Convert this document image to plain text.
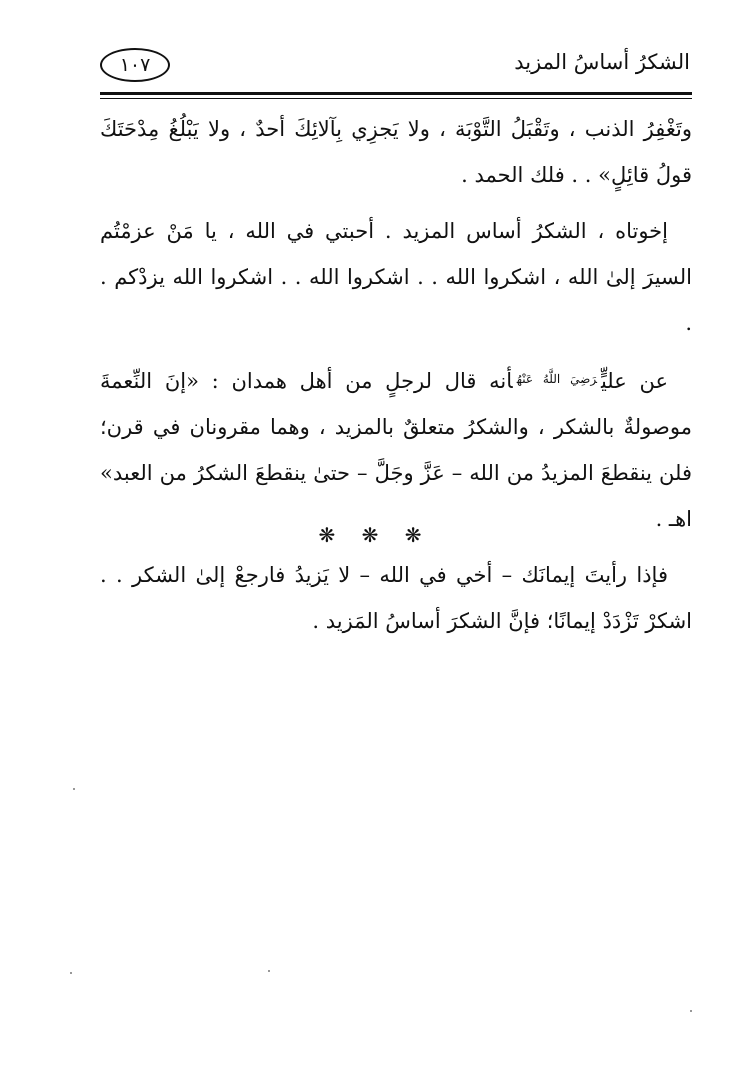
١٠٧	الشكرُ أساسُ المزيد

وتَغْفِرُ الذنب ، وتَقْبَلُ التَّوْبَة ، ولا يَجزِي بِآلائِكَ أحدٌ ، ولا يَبْلُغُ مِدْحَتَكَ قولُ قائِلٍ» . . فلك الحمد .

إخوتاه ، الشكرُ أساس المزيد . أحبتي في الله ، يا مَنْ عزمْتُم السيرَ إلىٰ الله ، اشكروا الله . . اشكروا الله . . اشكروا الله يزدْكم . .

عن عليٍّ$^{رَضِيَ اللَّهُ عَنْهُ}$أنه قال لرجلٍ من أهل همدان : «إنَ النِّعمةَ موصولةٌ بالشكر ، والشكرُ متعلقٌ بالمزيد ، وهما مقرونان في قرن؛ فلن ينقطعَ المزيدُ من الله – عَزَّ وجَلَّ – حتىٰ ينقطعَ الشكرُ من العبد» اهـ .

فإذا رأيتَ إيمانَك – أخي في الله – لا يَزيدُ فارجعْ إلىٰ الشكر . . اشكرْ تَزْدَدْ إيمانًا؛ فإنَّ الشكرَ أساسُ المَزيد .

❋ ❋ ❋
